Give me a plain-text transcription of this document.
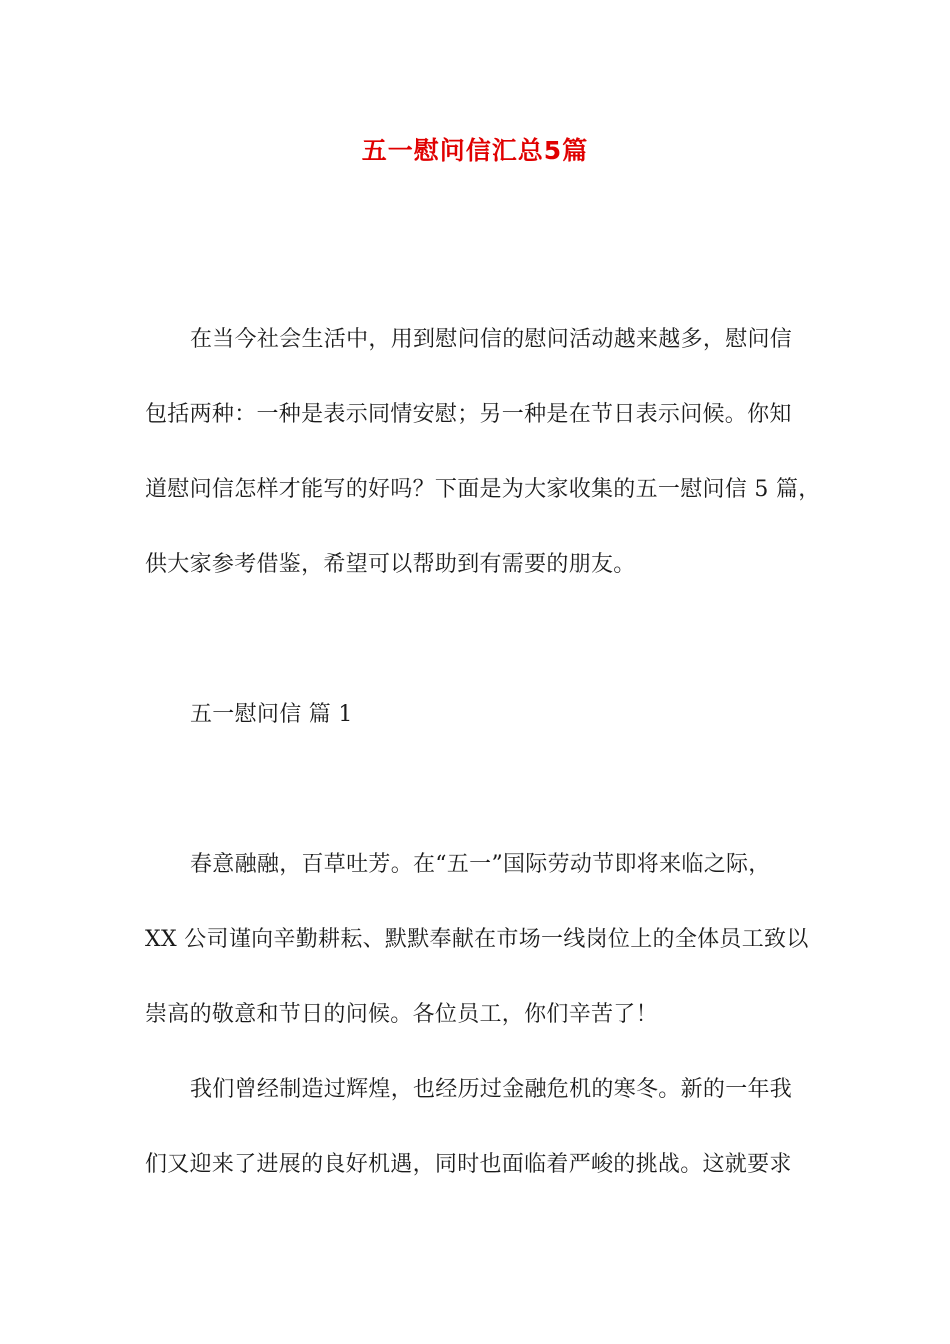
五一慰问信汇总5篇
在当今社会生活中，用到慰问信的慰问活动越来越多，慰问信
包括两种：一种是表示同情安慰；另一种是在节日表示问候。你知
道慰问信怎样才能写的好吗？下面是为大家收集的五一慰问信 5 篇，
供大家参考借鉴，希望可以帮助到有需要的朋友。
五一慰问信 篇 1
春意融融，百草吐芳。在“五一”国际劳动节即将来临之际，
XX 公司谨向辛勤耕耘、默默奉献在市场一线岗位上的全体员工致以
崇高的敬意和节日的问候。各位员工，你们辛苦了！
我们曾经制造过辉煌，也经历过金融危机的寒冬。新的一年我
们又迎来了进展的良好机遇，同时也面临着严峻的挑战。这就要求
